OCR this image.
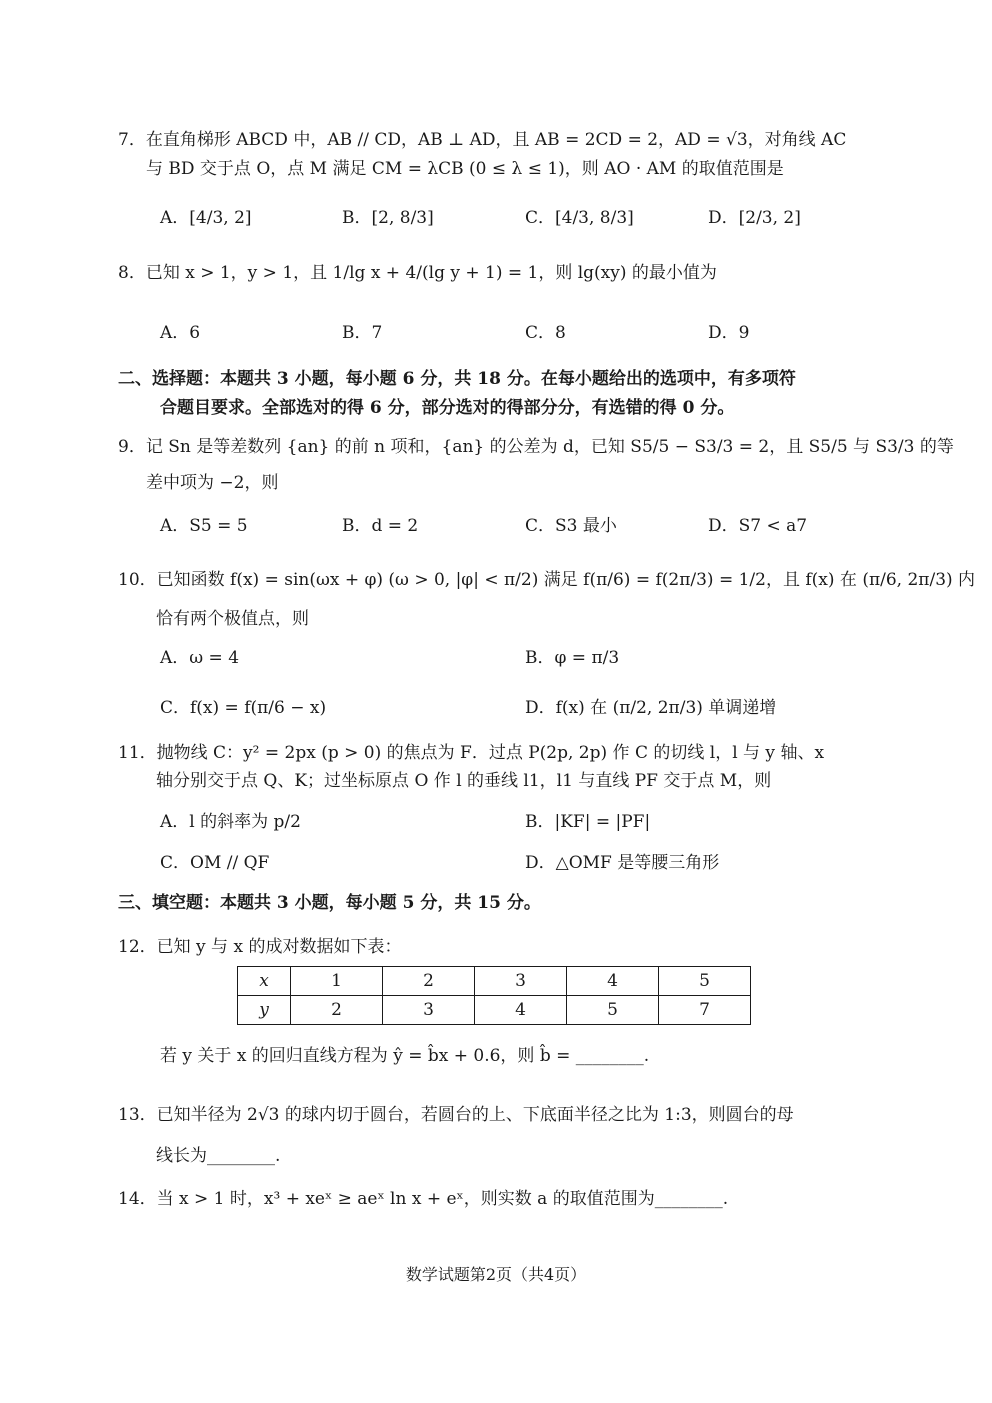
7．在直角梯形 ABCD 中，AB // CD，AB ⊥ AD，且 AB = 2CD = 2，AD = √3，对角线 AC
与 BD 交于点 O，点 M 满足 CM = λCB (0 ≤ λ ≤ 1)，则 AO · AM 的取值范围是
A．[4/3, 2]	B．[2, 8/3]	C．[4/3, 8/3]	D．[2/3, 2]
8．已知 x > 1，y > 1，且 1/lg x + 4/(lg y + 1) = 1，则 lg(xy) 的最小值为
A．6	B．7	C．8	D．9
二、选择题：本题共 3 小题，每小题 6 分，共 18 分。在每小题给出的选项中，有多项符
合题目要求。全部选对的得 6 分，部分选对的得部分分，有选错的得 0 分。
9．记 Sn 是等差数列 {an} 的前 n 项和，{an} 的公差为 d，已知 S5/5 − S3/3 = 2，且 S5/5 与 S3/3 的等
差中项为 −2，则
A．S5 = 5	B．d = 2	C．S3 最小	D．S7 < a7
10．已知函数 f(x) = sin(ωx + φ) (ω > 0, |φ| < π/2) 满足 f(π/6) = f(2π/3) = 1/2，且 f(x) 在 (π/6, 2π/3) 内
恰有两个极值点，则
A．ω = 4	B．φ = π/3
C．f(x) = f(π/6 − x)	D．f(x) 在 (π/2, 2π/3) 单调递增
11．抛物线 C：y² = 2px (p > 0) 的焦点为 F．过点 P(2p, 2p) 作 C 的切线 l，l 与 y 轴、x
轴分别交于点 Q、K；过坐标原点 O 作 l 的垂线 l1，l1 与直线 PF 交于点 M，则
A．l 的斜率为 p/2	B．|KF| = |PF|
C．OM // QF	D．△OMF 是等腰三角形
三、填空题：本题共 3 小题，每小题 5 分，共 15 分。
12．已知 y 与 x 的成对数据如下表：
x	1	2	3	4	5
y	2	3	4	5	7
若 y 关于 x 的回归直线方程为 ŷ = b̂x + 0.6，则 b̂ = ________.
13．已知半径为 2√3 的球内切于圆台，若圆台的上、下底面半径之比为 1:3，则圆台的母
线长为________.
14．当 x > 1 时，x³ + xeˣ ≥ aeˣ ln x + eˣ，则实数 a 的取值范围为________.
数学试题第2页（共4页）
